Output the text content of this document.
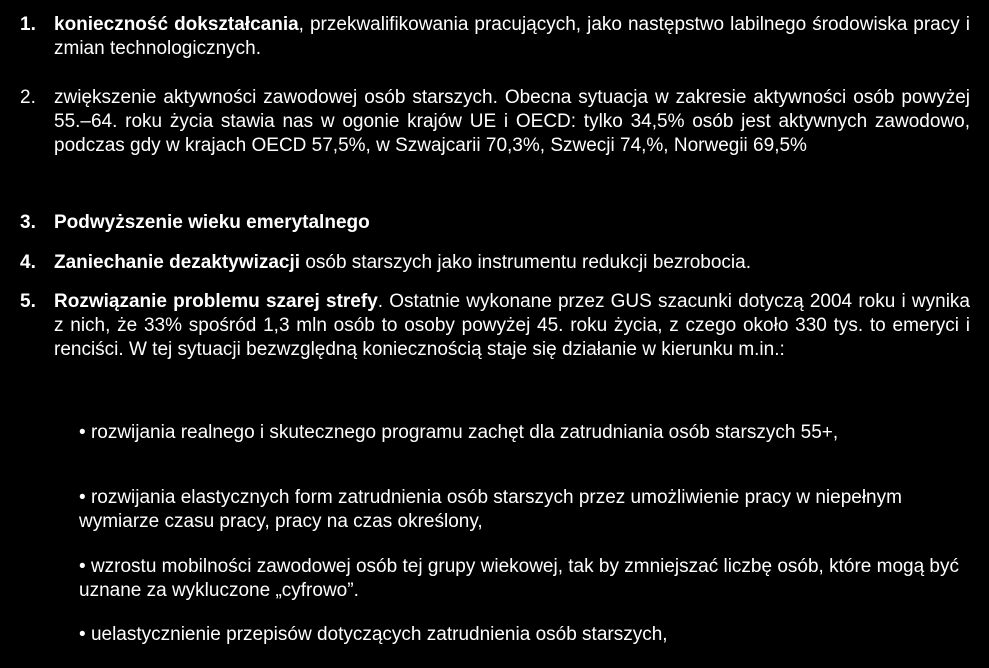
1. konieczność dokształcania, przekwalifikowania pracujących, jako następstwo labilnego środowiska pracy i zmian technologicznych.
2. zwiększenie aktywności zawodowej osób starszych. Obecna sytuacja w zakresie aktywności osób powyżej 55.–64. roku życia stawia nas w ogonie krajów UE i OECD: tylko 34,5% osób jest aktywnych zawodowo, podczas gdy w krajach OECD 57,5%, w Szwajcarii 70,3%, Szwecji 74,%, Norwegii 69,5%
3. Podwyższenie wieku emerytalnego
4. Zaniechanie dezaktywizacji osób starszych jako instrumentu redukcji bezrobocia.
5. Rozwiązanie problemu szarej strefy. Ostatnie wykonane przez GUS szacunki dotyczą 2004 roku i wynika z nich, że 33% spośród 1,3 mln osób to osoby powyżej 45. roku życia, z czego około 330 tys. to emeryci i renciści. W tej sytuacji bezwzględną koniecznością staje się działanie w kierunku m.in.:
• rozwijania realnego i skutecznego programu zachęt dla zatrudniania osób starszych 55+,
• rozwijania elastycznych form zatrudnienia osób starszych przez umożliwienie pracy w niepełnym wymiarze czasu pracy, pracy na czas określony,
• wzrostu mobilności zawodowej osób tej grupy wiekowej, tak by zmniejszać liczbę osób, które mogą być uznane za wykluczone „cyfrowo”.
• uelastycznienie przepisów dotyczących zatrudnienia osób starszych,
